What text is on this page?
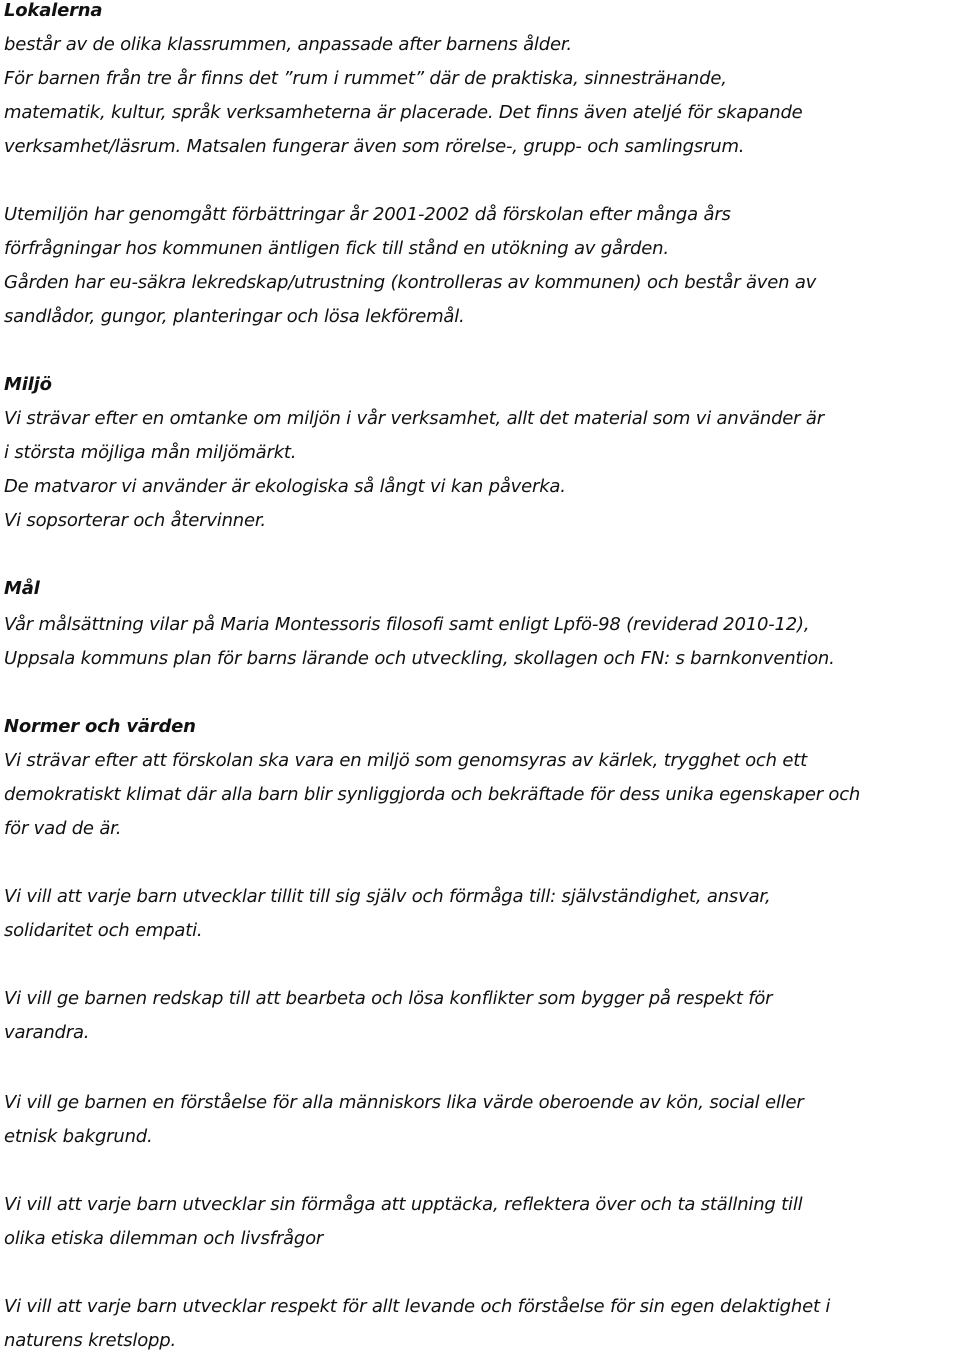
Lokalerna
består av de olika klassrummen, anpassade after barnens ålder.
För barnen från tre år finns det ”rum i rummet” där de praktiska, sinnesträнande,
matematik, kultur, språk verksamheterna är placerade. Det finns även ateljé för skapande
verksamhet/läsrum. Matsalen fungerar även som rörelse-, grupp- och samlingsrum.
Utemiljön har genomgått förbättringar år 2001-2002 då förskolan efter många års
förfrågningar hos kommunen äntligen fick till stånd en utökning av gården.
Gården har eu-säkra lekredskap/utrustning (kontrolleras av kommunen) och består även av
sandlådor, gungor, planteringar och lösa lekföremål.
Miljö
Vi strävar efter en omtanke om miljön i vår verksamhet, allt det material som vi använder är
i största möjliga mån miljömärkt.
De matvaror vi använder är ekologiska så långt vi kan påverka.
Vi sopsorterar och återvinner.
Mål
Vår målsättning vilar på Maria Montessoris filosofi samt enligt Lpfö-98 (reviderad 2010-12),
Uppsala kommuns plan för barns lärande och utveckling, skollagen och FN: s barnkonvention.
Normer och värden
Vi strävar efter att förskolan ska vara en miljö som genomsyras av kärlek, trygghet och ett
demokratiskt klimat där alla barn blir synliggjorda och bekräftade för dess unika egenskaper och
för vad de är.
Vi vill att varje barn utvecklar tillit till sig själv och förmåga till: självständighet, ansvar,
solidaritet och empati.
Vi vill ge barnen redskap till att bearbeta och lösa konflikter som bygger på respekt för
varandra.
Vi vill ge barnen en förståelse för alla människors lika värde oberoende av kön, social eller
etnisk bakgrund.
Vi vill att varje barn utvecklar sin förmåga att upptäcka, reflektera över och ta ställning till
olika etiska dilemman och livsfrågor
Vi vill att varje barn utvecklar respekt för allt levande och förståelse för sin egen delaktighet i
naturens kretslopp.
